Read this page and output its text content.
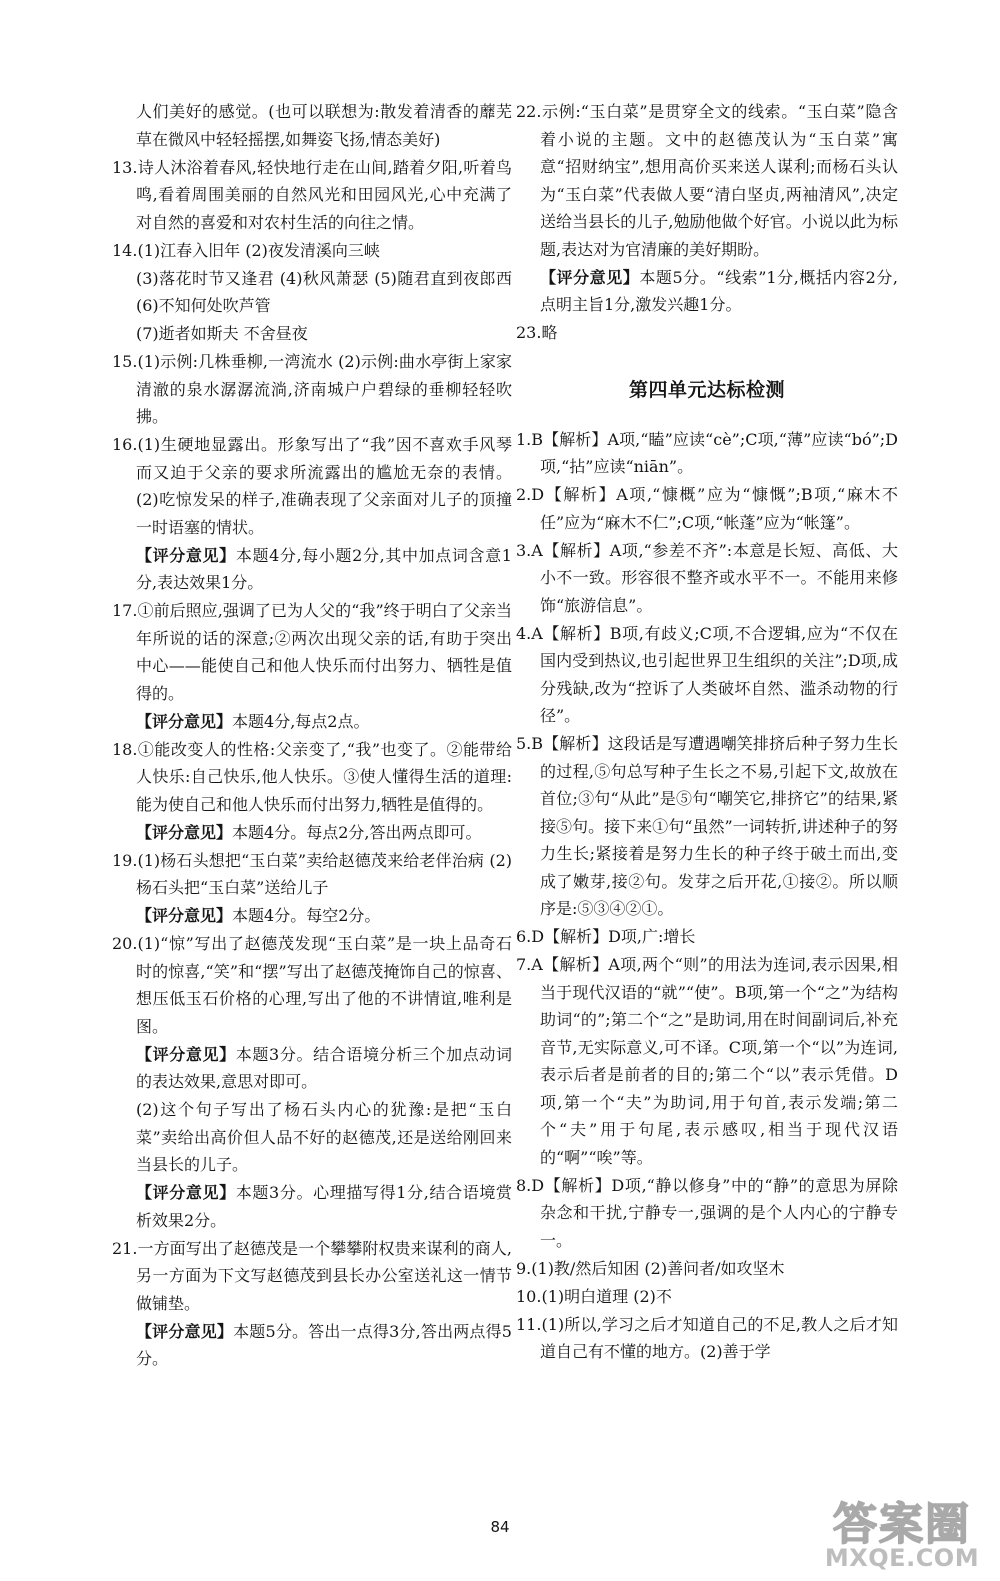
人们美好的感觉。(也可以联想为:散发着清香的蘼芜草在微风中轻轻摇摆,如舞姿飞扬,情态美好)
13.诗人沐浴着春风,轻快地行走在山间,踏着夕阳,听着鸟鸣,看着周围美丽的自然风光和田园风光,心中充满了对自然的喜爱和对农村生活的向往之情。
14.(1)江春入旧年 (2)夜发清溪向三峡
(3)落花时节又逢君 (4)秋风萧瑟 (5)随君直到夜郎西 (6)不知何处吹芦管
(7)逝者如斯夫 不舍昼夜
15.(1)示例:几株垂柳,一湾流水 (2)示例:曲水亭街上家家清澈的泉水潺潺流淌,济南城户户碧绿的垂柳轻轻吹拂。
16.(1)生硬地显露出。形象写出了“我”因不喜欢手风琴而又迫于父亲的要求所流露出的尴尬无奈的表情。 (2)吃惊发呆的样子,准确表现了父亲面对儿子的顶撞一时语塞的情状。
【评分意见】本题4分,每小题2分,其中加点词含意1分,表达效果1分。
17.①前后照应,强调了已为人父的“我”终于明白了父亲当年所说的话的深意;②两次出现父亲的话,有助于突出中心——能使自己和他人快乐而付出努力、牺牲是值得的。
【评分意见】本题4分,每点2点。
18.①能改变人的性格:父亲变了,“我”也变了。②能带给人快乐:自己快乐,他人快乐。③使人懂得生活的道理:能为使自己和他人快乐而付出努力,牺牲是值得的。
【评分意见】本题4分。每点2分,答出两点即可。
19.(1)杨石头想把“玉白菜”卖给赵德茂来给老伴治病 (2)杨石头把“玉白菜”送给儿子
【评分意见】本题4分。每空2分。
20.(1)“惊”写出了赵德茂发现“玉白菜”是一块上品奇石时的惊喜,“笑”和“摆”写出了赵德茂掩饰自己的惊喜、想压低玉石价格的心理,写出了他的不讲情谊,唯利是图。
【评分意见】本题3分。结合语境分析三个加点动词的表达效果,意思对即可。
(2)这个句子写出了杨石头内心的犹豫:是把“玉白菜”卖给出高价但人品不好的赵德茂,还是送给刚回来当县长的儿子。
【评分意见】本题3分。心理描写得1分,结合语境赏析效果2分。
21.一方面写出了赵德茂是一个攀攀附权贵来谋利的商人,另一方面为下文写赵德茂到县长办公室送礼这一情节做铺垫。
【评分意见】本题5分。答出一点得3分,答出两点得5分。
22.示例:“玉白菜”是贯穿全文的线索。“玉白菜”隐含着小说的主题。文中的赵德茂认为“玉白菜”寓意“招财纳宝”,想用高价买来送人谋利;而杨石头认为“玉白菜”代表做人要“清白坚贞,两袖清风”,决定送给当县长的儿子,勉励他做个好官。小说以此为标题,表达对为官清廉的美好期盼。
【评分意见】本题5分。“线索”1分,概括内容2分,点明主旨1分,激发兴趣1分。
23.略
第四单元达标检测
1.B【解析】A项,“瞌”应读“cè”;C项,“薄”应读“bó”;D项,“拈”应读“niān”。
2.D【解析】A项,“慷概”应为“慷慨”;B项,“麻木不任”应为“麻木不仁”;C项,“帐蓬”应为“帐篷”。
3.A【解析】A项,“参差不齐”:本意是长短、高低、大小不一致。形容很不整齐或水平不一。不能用来修饰“旅游信息”。
4.A【解析】B项,有歧义;C项,不合逻辑,应为“不仅在国内受到热议,也引起世界卫生组织的关注”;D项,成分残缺,改为“控诉了人类破坏自然、滥杀动物的行径”。
5.B【解析】这段话是写遭遇嘲笑排挤后种子努力生长的过程,⑤句总写种子生长之不易,引起下文,故放在首位;③句“从此”是⑤句“嘲笑它,排挤它”的结果,紧接⑤句。接下来①句“虽然”一词转折,讲述种子的努力生长;紧接着是努力生长的种子终于破土而出,变成了嫩芽,接②句。发芽之后开花,①接②。所以顺序是:⑤③④②①。
6.D【解析】D项,广:增长
7.A【解析】A项,两个“则”的用法为连词,表示因果,相当于现代汉语的“就”“使”。B项,第一个“之”为结构助词“的”;第二个“之”是助词,用在时间副词后,补充音节,无实际意义,可不译。C项,第一个“以”为连词,表示后者是前者的目的;第二个“以”表示凭借。D项,第一个“夫”为助词,用于句首,表示发端;第二个“夫”用于句尾,表示感叹,相当于现代汉语的“啊”“唉”等。
8.D【解析】D项,“静以修身”中的“静”的意思为屏除杂念和干扰,宁静专一,强调的是个人内心的宁静专一。
9.(1)教/然后知困 (2)善问者/如攻坚木
10.(1)明白道理 (2)不
11.(1)所以,学习之后才知道自己的不足,教人之后才知道自己有不懂的地方。(2)善于学
84	答案圈
MXQE.COM
